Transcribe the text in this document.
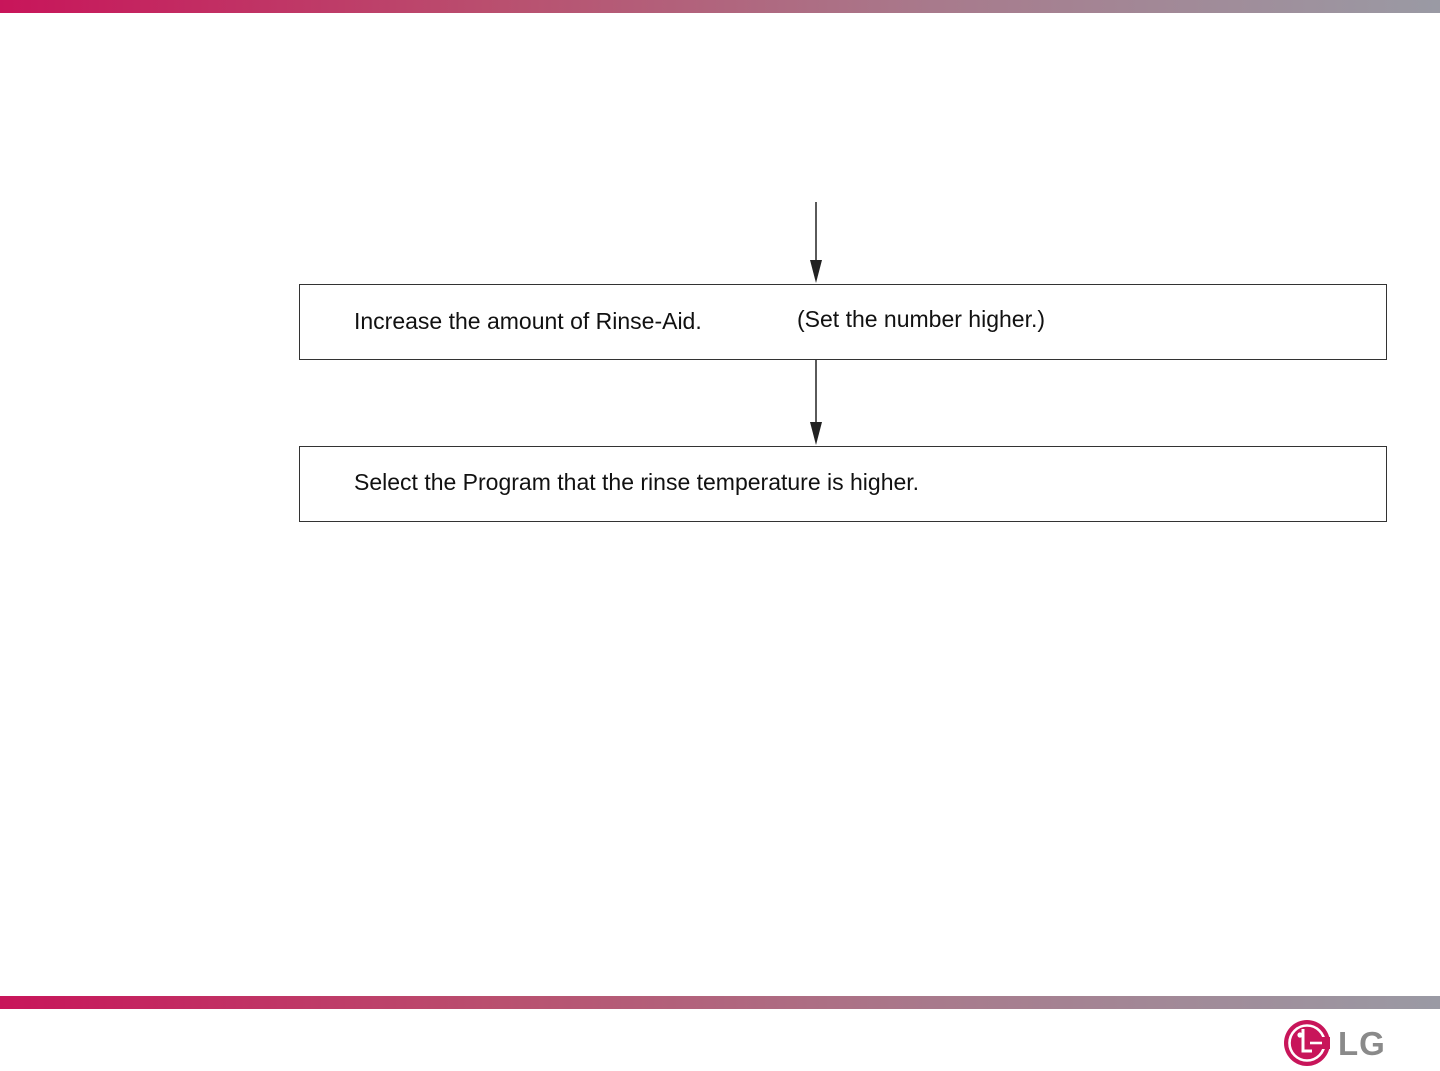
Increase the amount of Rinse-Aid.	(Set the number higher.)
Select the Program that the rinse temperature is higher.
LG
